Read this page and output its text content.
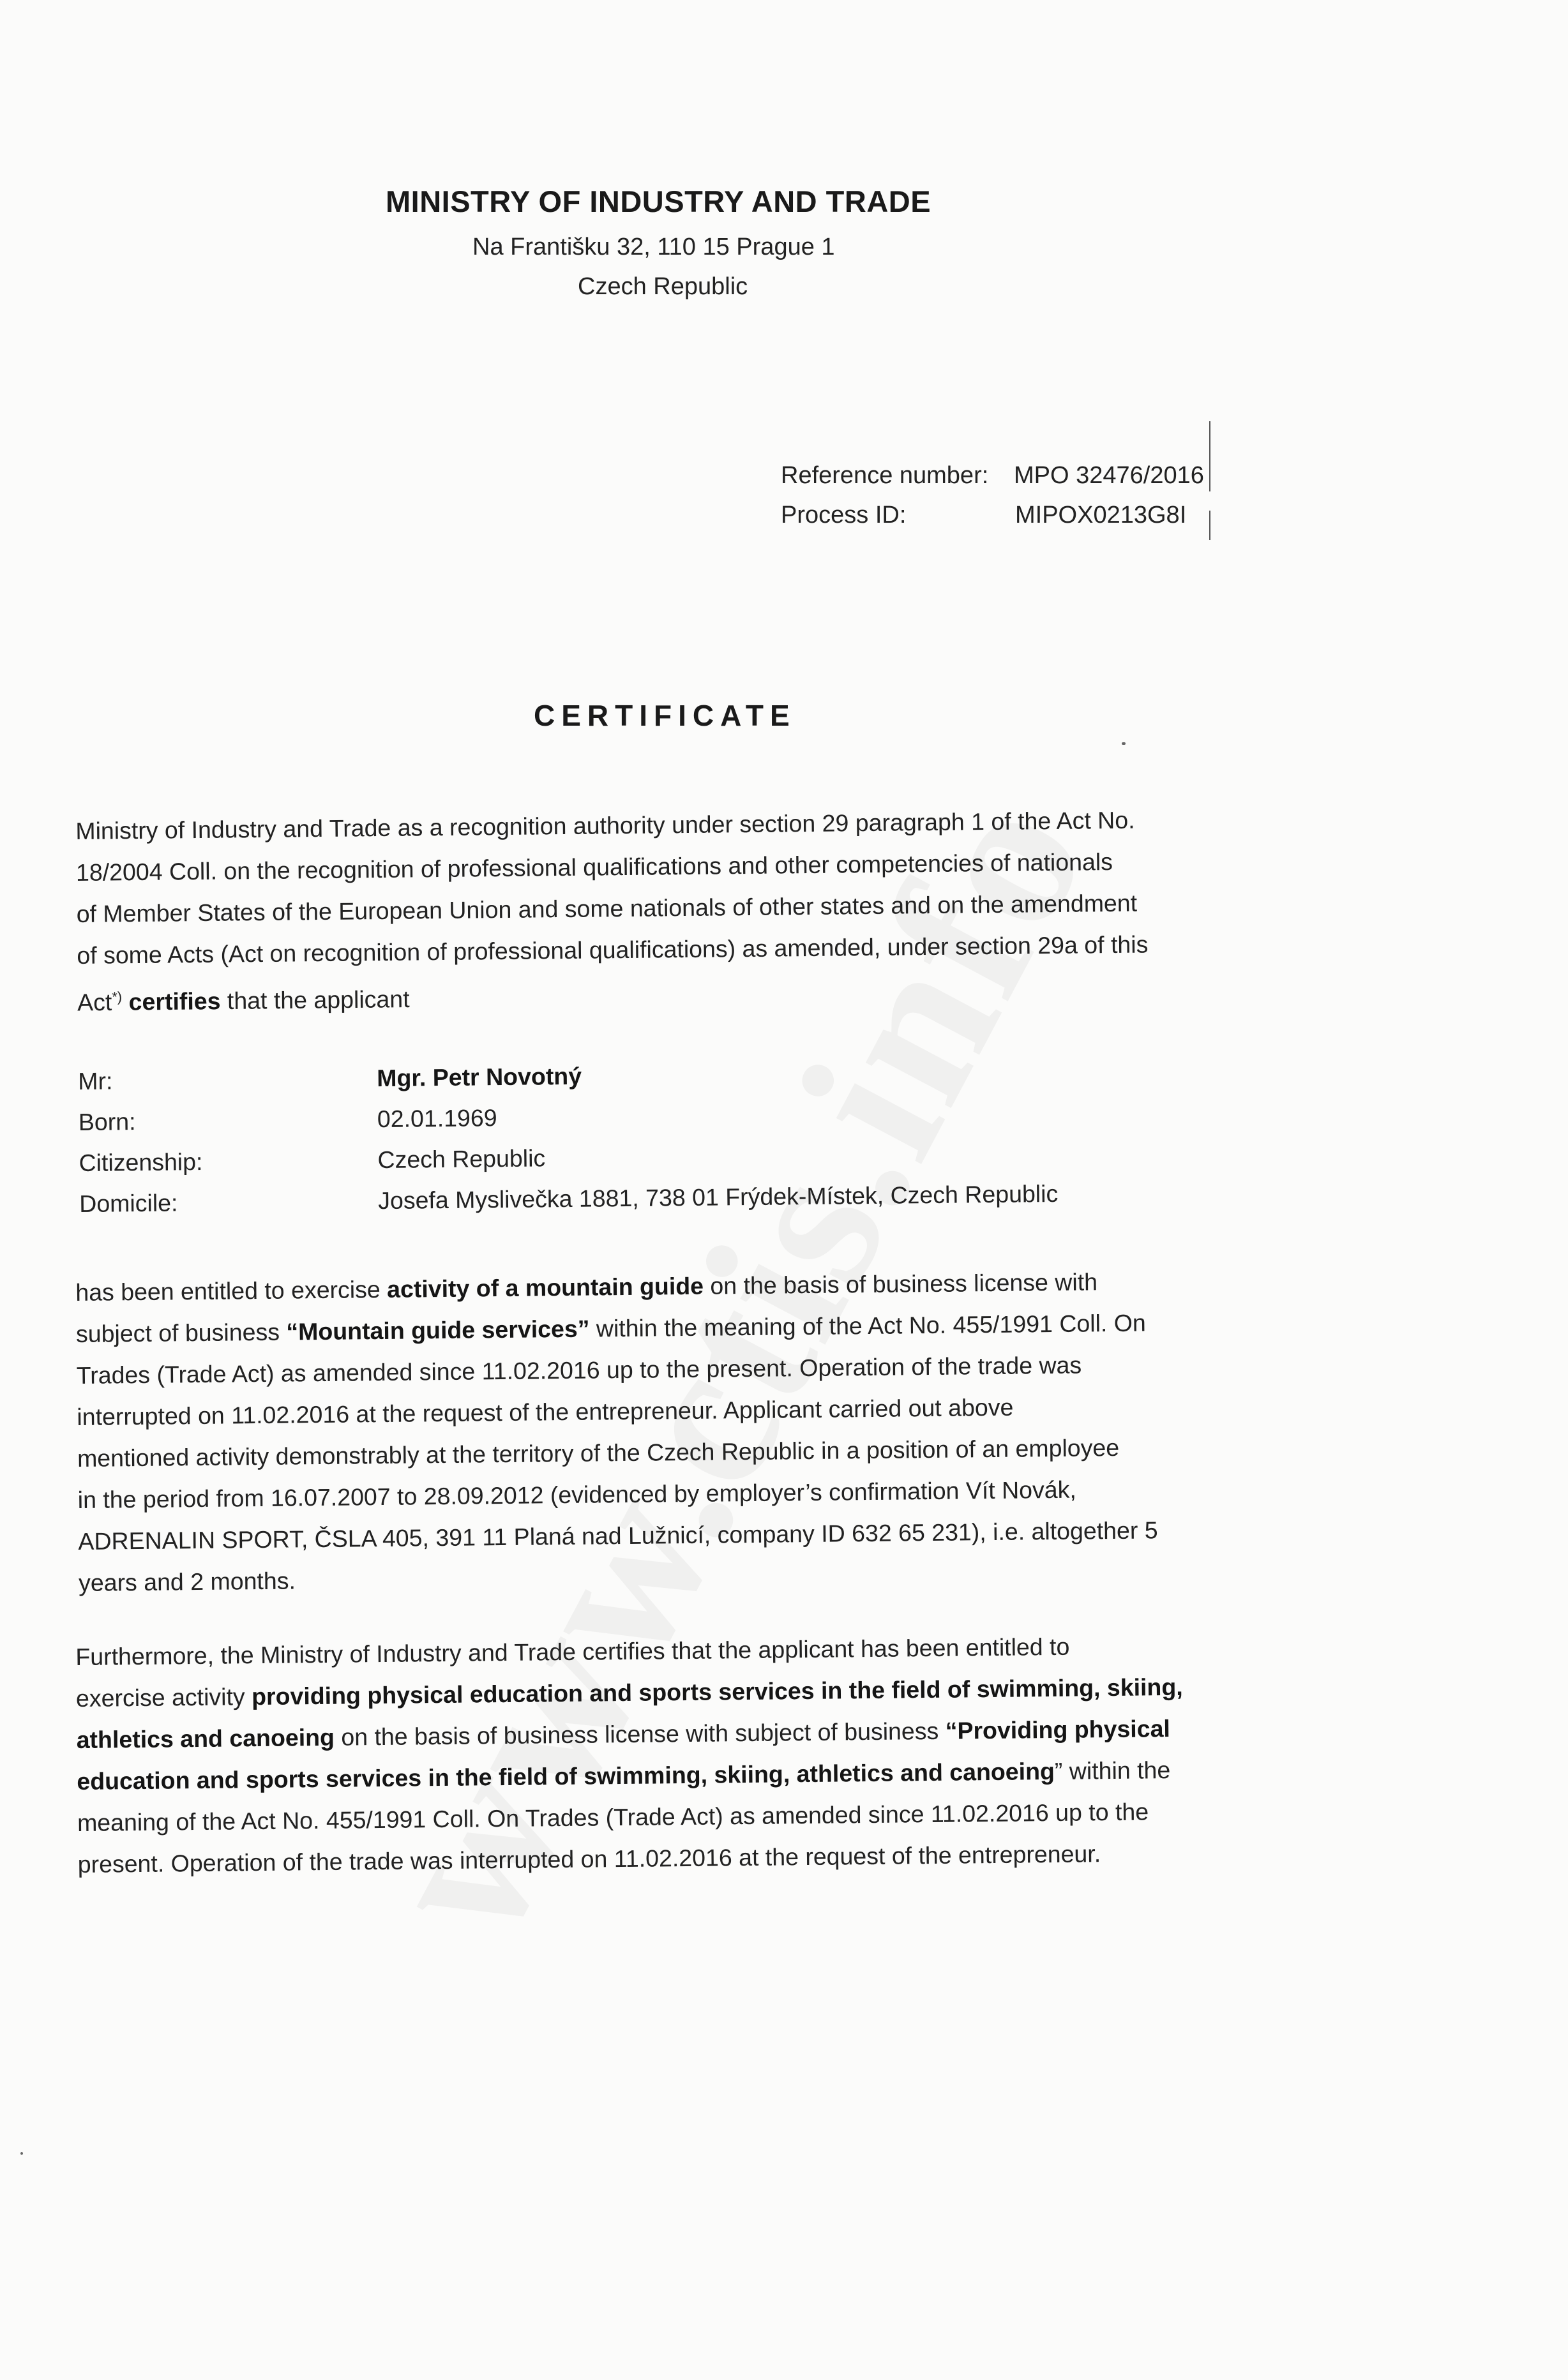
MINISTRY OF INDUSTRY AND TRADE
Na Františku 32, 110 15 Prague 1
Czech Republic
Reference number: MPO 32476/2016
Process ID:	MIPOX0213G8I
CERTIFICATE
Ministry of Industry and Trade as a recognition authority under section 29 paragraph 1 of the Act No.
18/2004 Coll. on the recognition of professional qualifications and other competencies of nationals
of Member States of the European Union and some nationals of other states and on the amendment
of some Acts (Act on recognition of professional qualifications) as amended, under section 29a of this
Act*) certifies that the applicant
Mr:	Mgr. Petr Novotný
Born:	02.01.1969
Citizenship:	Czech Republic
Domicile:	Josefa Myslivečka 1881, 738 01 Frýdek-Místek, Czech Republic
has been entitled to exercise activity of a mountain guide on the basis of business license with
subject of business “Mountain guide services” within the meaning of the Act No. 455/1991 Coll. On
Trades (Trade Act) as amended since 11.02.2016 up to the present. Operation of the trade was
interrupted on 11.02.2016 at the request of the entrepreneur. Applicant carried out above
mentioned activity demonstrably at the territory of the Czech Republic in a position of an employee
in the period from 16.07.2007 to 28.09.2012 (evidenced by employer’s confirmation Vít Novák,
ADRENALIN SPORT, ČSLA 405, 391 11 Planá nad Lužnicí, company ID 632 65 231), i.e. altogether 5
years and 2 months.
Furthermore, the Ministry of Industry and Trade certifies that the applicant has been entitled to
exercise activity providing physical education and sports services in the field of swimming, skiing,
athletics and canoeing on the basis of business license with subject of business “Providing physical
education and sports services in the field of swimming, skiing, athletics and canoeing” within the
meaning of the Act No. 455/1991 Coll. On Trades (Trade Act) as amended since 11.02.2016 up to the
present. Operation of the trade was interrupted on 11.02.2016 at the request of the entrepreneur.
